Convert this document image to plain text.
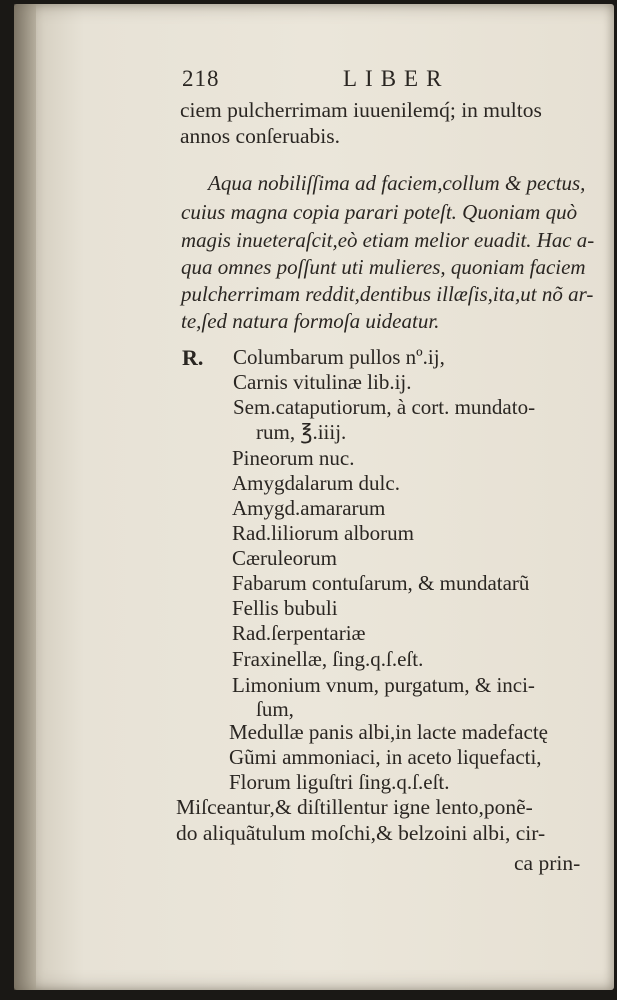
218	LIBER
ciem pulcherrimam iuuenilemq́; in multos
annos conſeruabis.
Aqua nobiliſſima ad faciem,collum & pectus,
cuius magna copia parari poteſt. Quoniam quò
magis inueteraſcit,eò etiam melior euadit. Hac a-
qua omnes poſſunt uti mulieres, quoniam faciem
pulcherrimam reddit,dentibus illæſis,ita,ut nõ ar-
te,ſed natura formoſa uideatur.
R. Columbarum pullos nº.ij,
Carnis vitulinæ lib.ij.
Sem.cataputiorum, à cort. mundato-
rum, ℥.iiij.
Pineorum nuc.
Amygdalarum dulc.
Amygd.amararum
Rad.liliorum alborum
Cæruleorum
Fabarum contuſarum, & mundatarũ
Fellis bubuli
Rad.ſerpentariæ
Fraxinellæ, ſing.q.ſ.eſt.
Limonium vnum, purgatum, & inci-
ſum,
Medullæ panis albi,in lacte madefactę
Gũmi ammoniaci, in aceto liquefacti,
Florum liguſtri ſing.q.ſ.eſt.
Miſceantur,& diſtillentur igne lento,ponẽ-
do aliquãtulum moſchi,& belzoini albi, cir-
ca prin-
